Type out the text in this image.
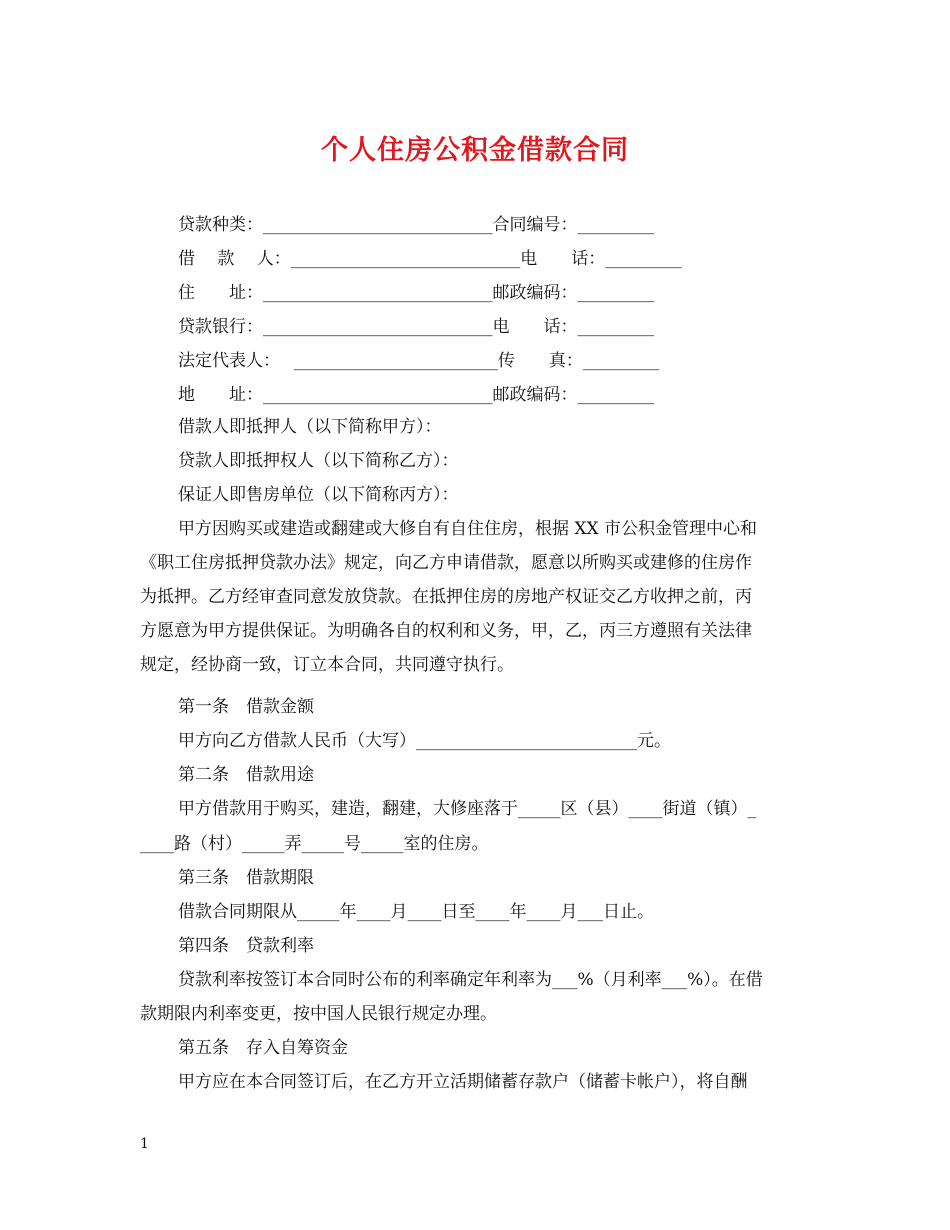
个人住房公积金借款合同
贷款种类：___________________________合同编号：_________
借　 款　 人：___________________________电　　话：_________
住　　址：___________________________邮政编码：_________
贷款银行：___________________________电　　话：_________
法定代表人：　 ________________________传　　真：_________
地　　址：___________________________邮政编码：_________
借款人即抵押人（以下简称甲方）：
贷款人即抵押权人（以下简称乙方）：
保证人即售房单位（以下简称丙方）：
甲方因购买或建造或翻建或大修自有自住住房，根据 XX 市公积金管理中心和
《职工住房抵押贷款办法》规定，向乙方申请借款，愿意以所购买或建修的住房作
为抵押。乙方经审查同意发放贷款。在抵押住房的房地产权证交乙方收押之前，丙
方愿意为甲方提供保证。为明确各自的权利和义务，甲，乙，丙三方遵照有关法律
规定，经协商一致，订立本合同，共同遵守执行。
第一条　借款金额
甲方向乙方借款人民币（大写）__________________________元。
第二条　借款用途
甲方借款用于购买，建造，翻建，大修座落于_____区（县）____街道（镇）_
____路（村）_____弄_____号_____室的住房。
第三条　借款期限
借款合同期限从_____年____月____日至____年____月___日止。
第四条　贷款利率
贷款利率按签订本合同时公布的利率确定年利率为___%（月利率___%）。在借
款期限内利率变更，按中国人民银行规定办理。
第五条　存入自筹资金
甲方应在本合同签订后，在乙方开立活期储蓄存款户（储蓄卡帐户），将自酬
1
